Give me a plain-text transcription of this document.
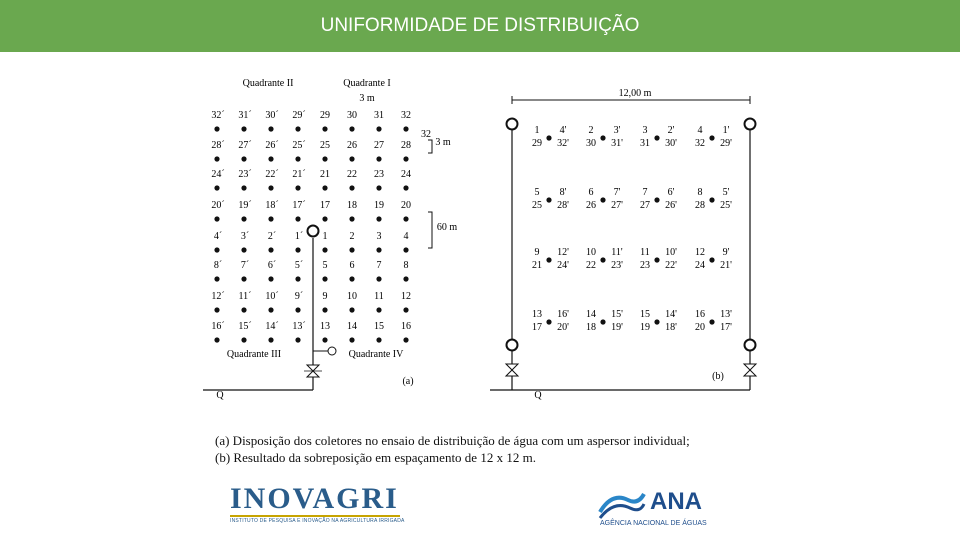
UNIFORMIDADE DE DISTRIBUIÇÃO
Quadrante II	Quadrante I
3 m
Quadrante III	Quadrante IV
(a)
Q
32
3 m
60 m
12,00 m
(b)
Q
32´ 31´ 30´ 29´ 29 30 31 32
28´ 27´ 26´ 25´ 25 26 27 28
24´ 23´ 22´ 21´ 21 22 23 24
20´ 19´ 18´ 17´ 17 18 19 20
4´ 3´ 2´ 1´ 1 2 3 4
8´ 7´ 6´ 5´ 5 6 7 8
12´ 11´ 10´ 9´ 9 10 11 12
16´ 15´ 14´ 13´ 13 14 15 16
1
29
4'
32'
2
30
3'
31'
3
31
2'
30'
4
32
1'
29'
5
25
8'
28'
6
26
7'
27'
7
27
6'
26'
8
28
5'
25'
9
21
12'
24'
10
22
11'
23'
11
23
10'
22'
12
24
9'
21'
13
17
16'
20'
14
18
15'
19'
15
19
14'
18'
16
20
13'
17'
(a) Disposição dos coletores no ensaio de distribuição de água com um aspersor individual;
(b) Resultado da sobreposição em espaçamento de 12 x 12 m.
INOVAGRI
INSTITUTO DE PESQUISA E INOVAÇÃO NA AGRICULTURA IRRIGADA
ANA
AGÊNCIA NACIONAL DE ÁGUAS
